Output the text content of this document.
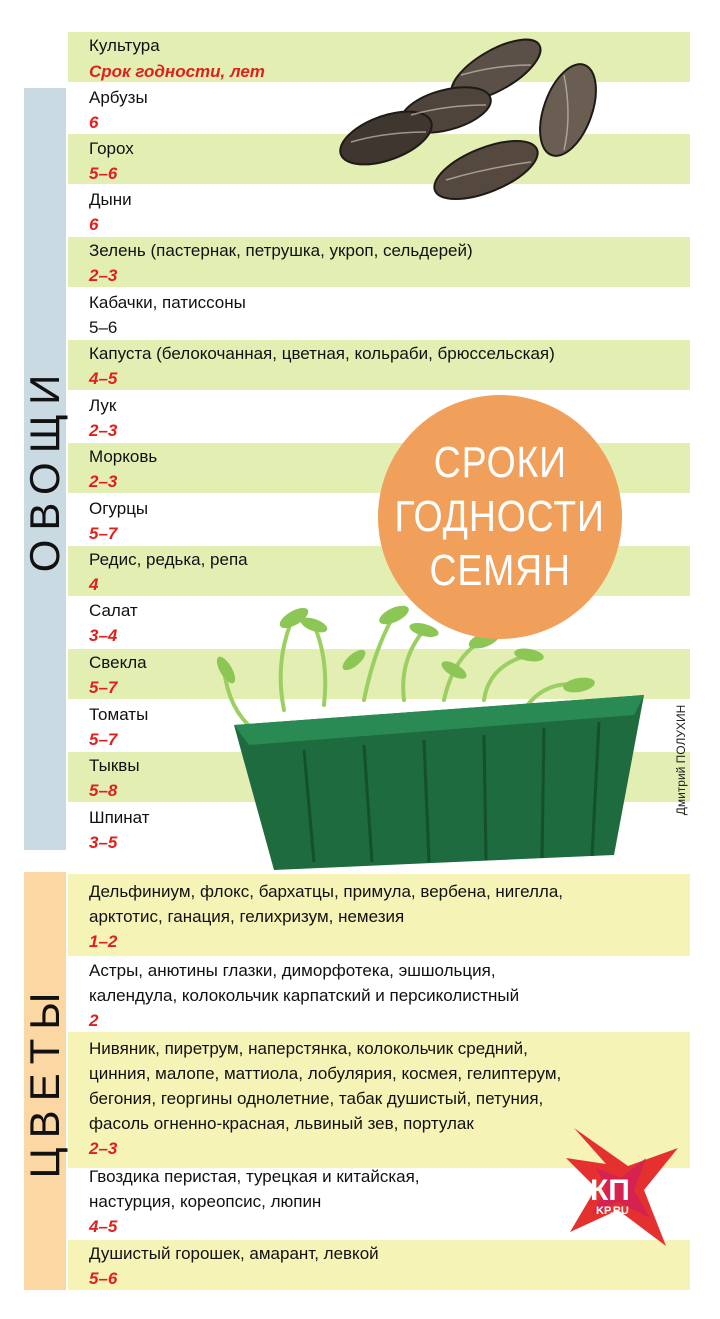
ОВОЩИ
ЦВЕТЫ
Культура
Срок годности, лет
Арбузы
6
Горох
5–6
Дыни
6
Зелень (пастернак, петрушка, укроп, сельдерей)
2–3
Кабачки, патиссоны
5–6
Капуста (белокочанная, цветная, кольраби, брюссельская)
4–5
Лук
2–3
Морковь
2–3
Огурцы
5–7
Редис, редька, репа
4
Салат
3–4
Свекла
5–7
Томаты
5–7
Тыквы
5–8
Шпинат
3–5
Дельфиниум, флокс, бархатцы, примула, вербена, нигелла,
арктотис, ганация, гелихризум, немезия
1–2
Астры, анютины глазки, диморфотека, эшшольция,
календула, колокольчик карпатский и персиколистный
2
Нивяник, пиретрум, наперстянка, колокольчик средний,
цинния, малопе, маттиола, лобулярия, космея, гелиптерум,
бегония, георгины однолетние, табак душистый, петуния,
фасоль огненно-красная, львиный зев, портулак
2–3
Гвоздика перистая, турецкая и китайская,
настурция, кореопсис, люпин
4–5
Душистый горошек, амарант, левкой
5–6
СРОКИ
ГОДНОСТИ
СЕМЯН
Дмитрий ПОЛУХИН
КП
KP.RU
